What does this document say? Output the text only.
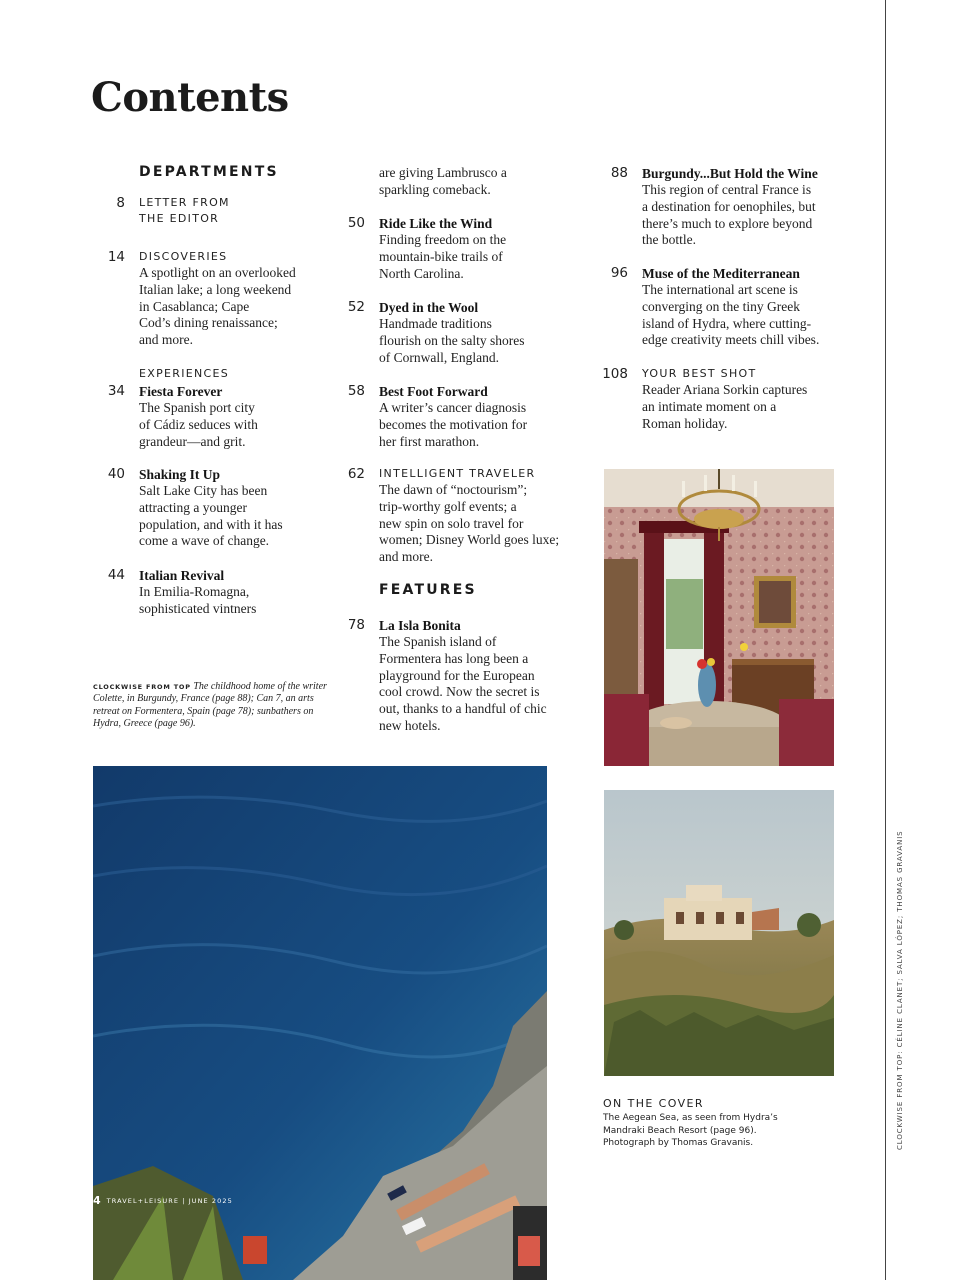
Contents
DEPARTMENTS
8 LETTER FROM
THE EDITOR
14 DISCOVERIES
A spotlight on an overlooked
Italian lake; a long weekend
in Casablanca; Cape
Cod’s dining renaissance;
and more.
EXPERIENCES
34 Fiesta Forever
The Spanish port city
of Cádiz seduces with
grandeur—and grit.
40 Shaking It Up
Salt Lake City has been
attracting a younger
population, and with it has
come a wave of change.
44 Italian Revival
In Emilia-Romagna,
sophisticated vintners
are giving Lambrusco a
sparkling comeback.
50 Ride Like the Wind
Finding freedom on the
mountain-bike trails of
North Carolina.
52 Dyed in the Wool
Handmade traditions
flourish on the salty shores
of Cornwall, England.
58 Best Foot Forward
A writer’s cancer diagnosis
becomes the motivation for
her first marathon.
62 INTELLIGENT TRAVELER
The dawn of “noctourism”;
trip-worthy golf events; a
new spin on solo travel for
women; Disney World goes luxe;
and more.
FEATURES
78 La Isla Bonita
The Spanish island of
Formentera has long been a
playground for the European
cool crowd. Now the secret is
out, thanks to a handful of chic
new hotels.
88 Burgundy...But Hold the Wine
This region of central France is
a destination for oenophiles, but
there’s much to explore beyond
the bottle.
96 Muse of the Mediterranean
The international art scene is
converging on the tiny Greek
island of Hydra, where cutting-
edge creativity meets chill vibes.
108 YOUR BEST SHOT
Reader Ariana Sorkin captures
an intimate moment on a
Roman holiday.
CLOCKWISE FROM TOP The childhood home of the writer Colette, in Burgundy, France (page 88); Can 7, an arts retreat on Formentera, Spain (page 78); sunbathers on Hydra, Greece (page 96).
ON THE COVER
The Aegean Sea, as seen from Hydra’s
Mandraki Beach Resort (page 96).
Photograph by Thomas Gravanis.
4 TRAVEL+LEISURE | JUNE 2025
CLOCKWISE FROM TOP: CÉLINE CLANET; SALVA LÓPEZ; THOMAS GRAVANIS
